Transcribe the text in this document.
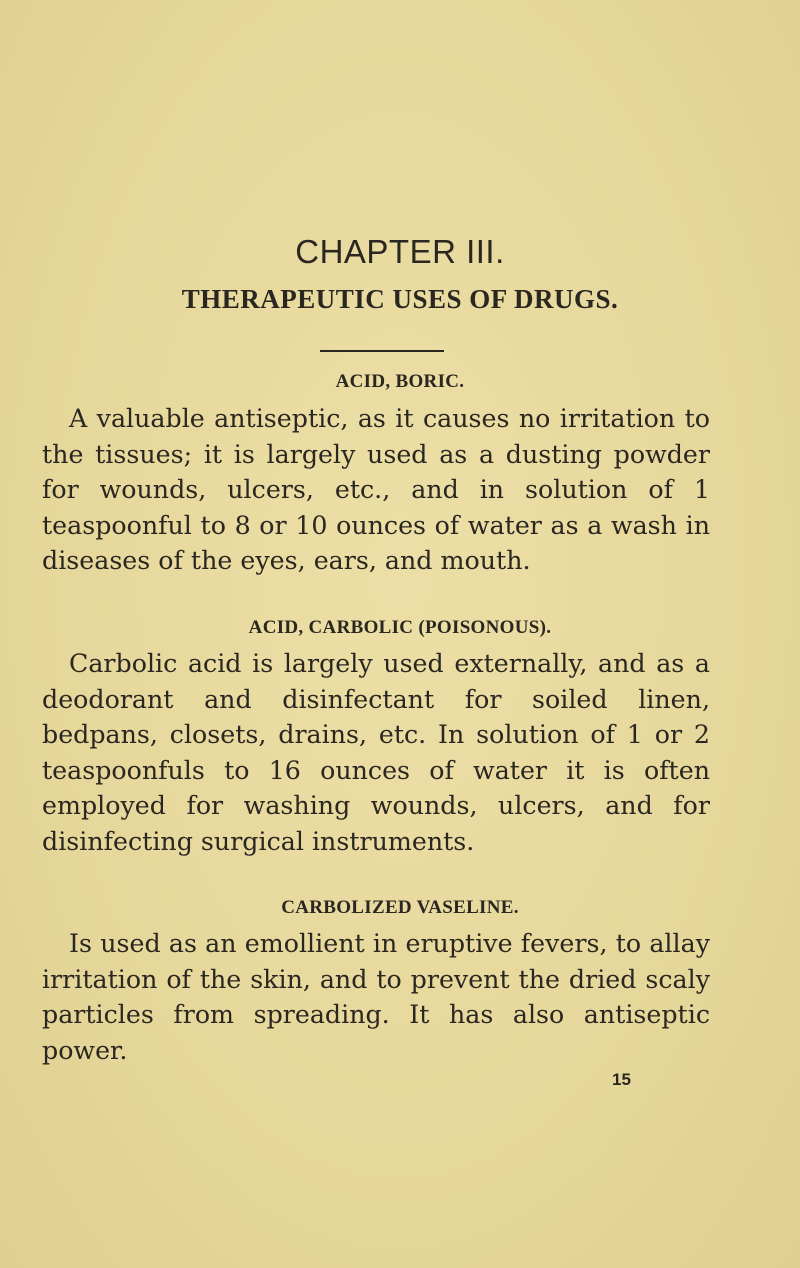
CHAPTER III.
THERAPEUTIC USES OF DRUGS.
ACID, BORIC.
A valuable antiseptic, as it causes no irritation to the tissues; it is largely used as a dusting powder for wounds, ulcers, etc., and in solution of 1 teaspoonful to 8 or 10 ounces of water as a wash in diseases of the eyes, ears, and mouth.
ACID, CARBOLIC (POISONOUS).
Carbolic acid is largely used externally, and as a deodorant and disinfectant for soiled linen, bedpans, closets, drains, etc. In solution of 1 or 2 teaspoonfuls to 16 ounces of water it is often employed for washing wounds, ulcers, and for disinfecting surgical instruments.
CARBOLIZED VASELINE.
Is used as an emollient in eruptive fevers, to allay irritation of the skin, and to prevent the dried scaly particles from spreading. It has also antiseptic power.
15
